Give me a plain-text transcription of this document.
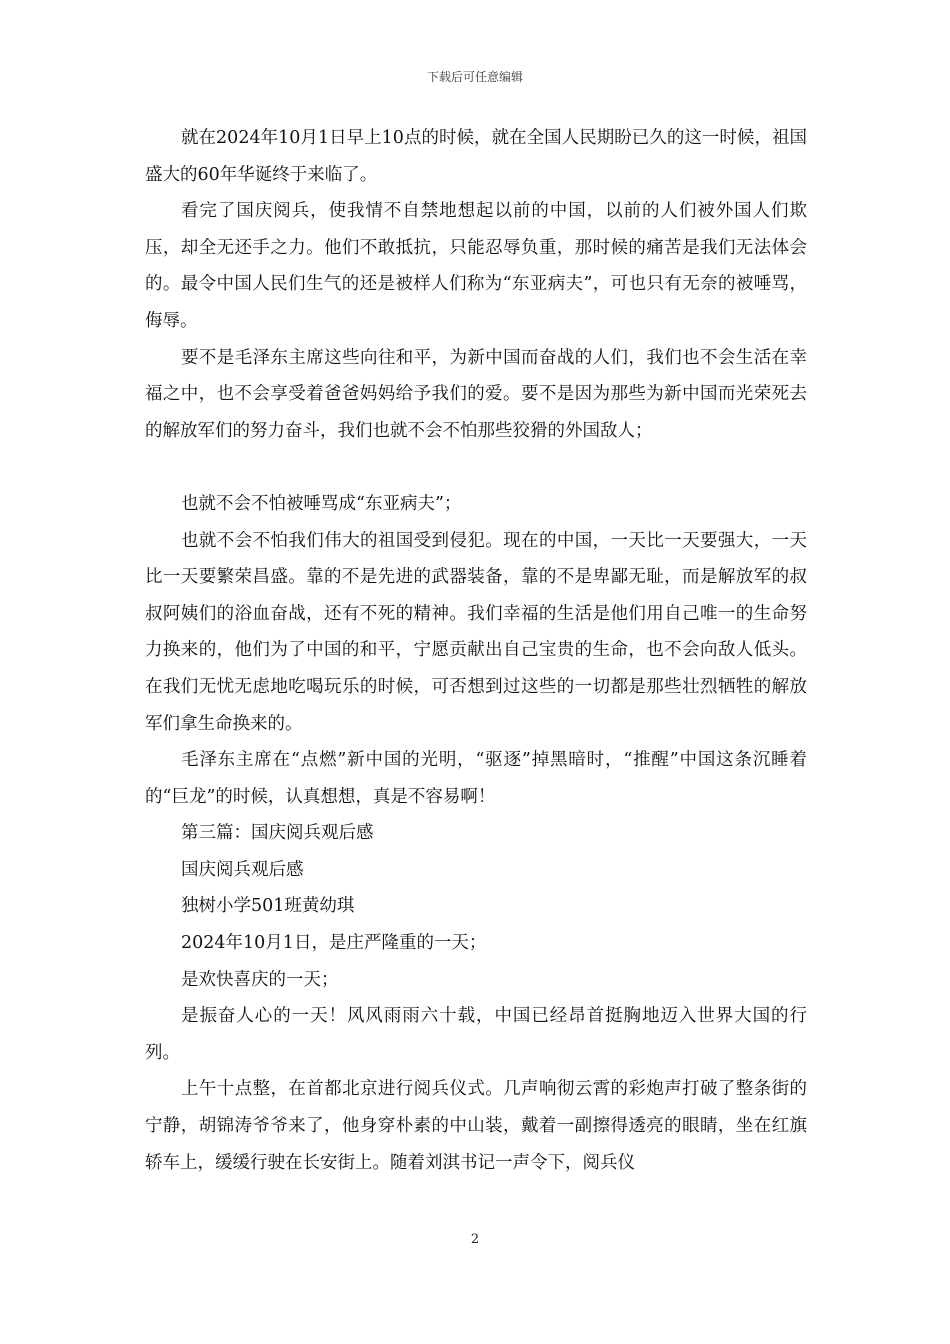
下载后可任意编辑

就在2024年10月1日早上10点的时候，就在全国人民期盼已久的这一时候，祖国盛大的60年华诞终于来临了。

看完了国庆阅兵，使我情不自禁地想起以前的中国，以前的人们被外国人们欺压，却全无还手之力。他们不敢抵抗，只能忍辱负重，那时候的痛苦是我们无法体会的。最令中国人民们生气的还是被样人们称为“东亚病夫”，可也只有无奈的被唾骂，侮辱。

要不是毛泽东主席这些向往和平，为新中国而奋战的人们，我们也不会生活在幸福之中，也不会享受着爸爸妈妈给予我们的爱。要不是因为那些为新中国而光荣死去的解放军们的努力奋斗，我们也就不会不怕那些狡猾的外国敌人；

也就不会不怕被唾骂成“东亚病夫”；

也就不会不怕我们伟大的祖国受到侵犯。现在的中国，一天比一天要强大，一天比一天要繁荣昌盛。靠的不是先进的武器装备，靠的不是卑鄙无耻，而是解放军的叔叔阿姨们的浴血奋战，还有不死的精神。我们幸福的生活是他们用自己唯一的生命努力换来的，他们为了中国的和平，宁愿贡献出自己宝贵的生命，也不会向敌人低头。在我们无忧无虑地吃喝玩乐的时候，可否想到过这些的一切都是那些壮烈牺牲的解放军们拿生命换来的。

毛泽东主席在“点燃”新中国的光明，“驱逐”掉黑暗时，“推醒”中国这条沉睡着的“巨龙”的时候，认真想想，真是不容易啊！

第三篇：国庆阅兵观后感

国庆阅兵观后感

独树小学501班黄幼琪

2024年10月1日，是庄严隆重的一天；

是欢快喜庆的一天；

是振奋人心的一天！风风雨雨六十载，中国已经昂首挺胸地迈入世界大国的行列。

上午十点整，在首都北京进行阅兵仪式。几声响彻云霄的彩炮声打破了整条街的宁静，胡锦涛爷爷来了，他身穿朴素的中山装，戴着一副擦得透亮的眼睛，坐在红旗轿车上，缓缓行驶在长安街上。随着刘淇书记一声令下，阅兵仪

2
